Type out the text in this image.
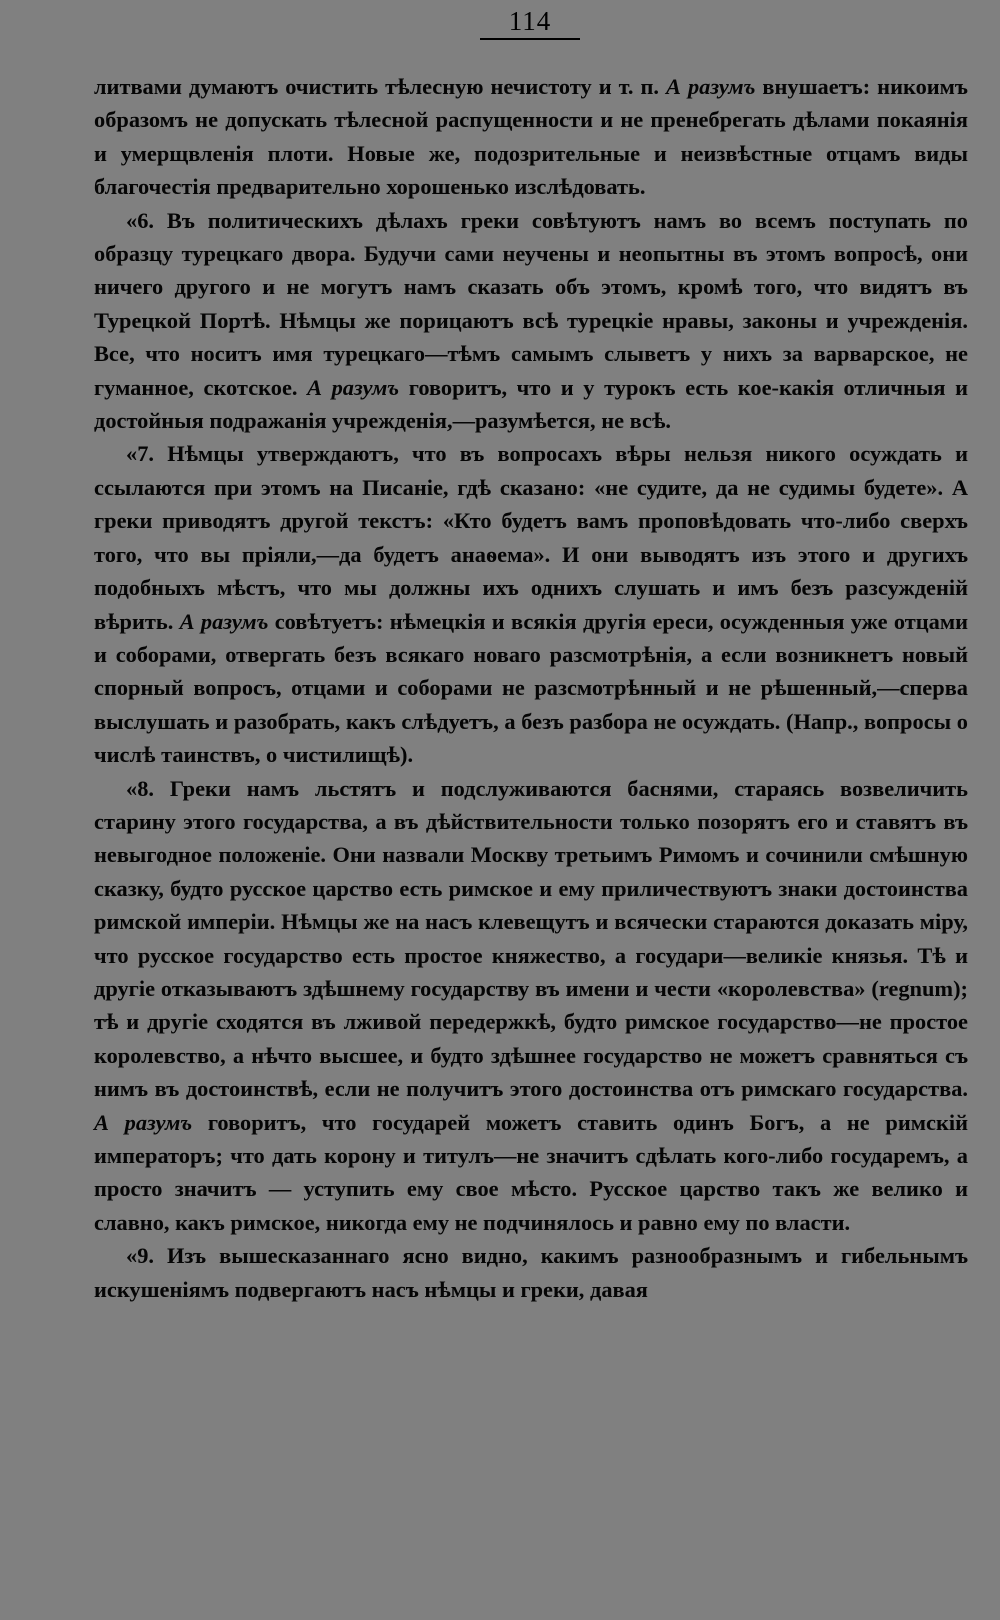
114

литвами думаютъ очистить тѣлесную нечистоту и т. п. А разумъ внушаетъ: никоимъ образомъ не допускать тѣлесной распущенности и не пренебрегать дѣлами покаянія и умерщвленія плоти. Новые же, подозрительные и неизвѣстные отцамъ виды благочестія предварительно хорошенько изслѣдовать.

«6. Въ политическихъ дѣлахъ греки совѣтуютъ намъ во всемъ поступать по образцу турецкаго двора. Будучи сами неучены и неопытны въ этомъ вопросѣ, они ничего другого и не могутъ намъ сказать объ этомъ, кромѣ того, что видятъ въ Турецкой Портѣ. Нѣмцы же порицаютъ всѣ турецкіе нравы, законы и учрежденія. Все, что носитъ имя турецкаго—тѣмъ самымъ слыветъ у нихъ за варварское, не гуманное, скотское. А разумъ говоритъ, что и у турокъ есть кое-какія отличныя и достойныя подражанія учрежденія,—разумѣется, не всѣ.

«7. Нѣмцы утверждаютъ, что въ вопросахъ вѣры нельзя никого осуждать и ссылаются при этомъ на Писаніе, гдѣ сказано: «не судите, да не судимы будете». А греки приводятъ другой текстъ: «Кто будетъ вамъ проповѣдовать что-либо сверхъ того, что вы пріяли,—да будетъ анаѳема». И они выводятъ изъ этого и другихъ подобныхъ мѣстъ, что мы должны ихъ однихъ слушать и имъ безъ разсужденій вѣрить. А разумъ совѣтуетъ: нѣмецкія и всякія другія ереси, осужденныя уже отцами и соборами, отвергать безъ всякаго новаго разсмотрѣнія, а если возникнетъ новый спорный вопросъ, отцами и соборами не разсмотрѣнный и не рѣшенный,—сперва выслушать и разобрать, какъ слѣдуетъ, а безъ разбора не осуждать. (Напр., вопросы о числѣ таинствъ, о чистилищѣ).

«8. Греки намъ льстятъ и подслуживаются баснями, стараясь возвеличить старину этого государства, а въ дѣйствительности только позорятъ его и ставятъ въ невыгодное положеніе. Они назвали Москву третьимъ Римомъ и сочинили смѣшную сказку, будто русское царство есть римское и ему приличествуютъ знаки достоинства римской имперіи. Нѣмцы же на насъ клевещутъ и всячески стараются доказать міру, что русское государство есть простое княжество, а государи—великіе князья. Тѣ и другіе отказываютъ здѣшнему государству въ имени и чести «королевства» (regnum); тѣ и другіе сходятся въ лживой передержкѣ, будто римское государство—не простое королевство, а нѣчто высшее, и будто здѣшнее государство не можетъ сравняться съ нимъ въ достоинствѣ, если не получитъ этого достоинства отъ римскаго государства. А разумъ говоритъ, что государей можетъ ставить одинъ Богъ, а не римскій императоръ; что дать корону и титулъ—не значитъ сдѣлать кого-либо государемъ, а просто значитъ — уступить ему свое мѣсто. Русское царство такъ же велико и славно, какъ римское, никогда ему не подчинялось и равно ему по власти.

«9. Изъ вышесказаннаго ясно видно, какимъ разнообразнымъ и гибельнымъ искушеніямъ подвергаютъ насъ нѣмцы и греки, давая
